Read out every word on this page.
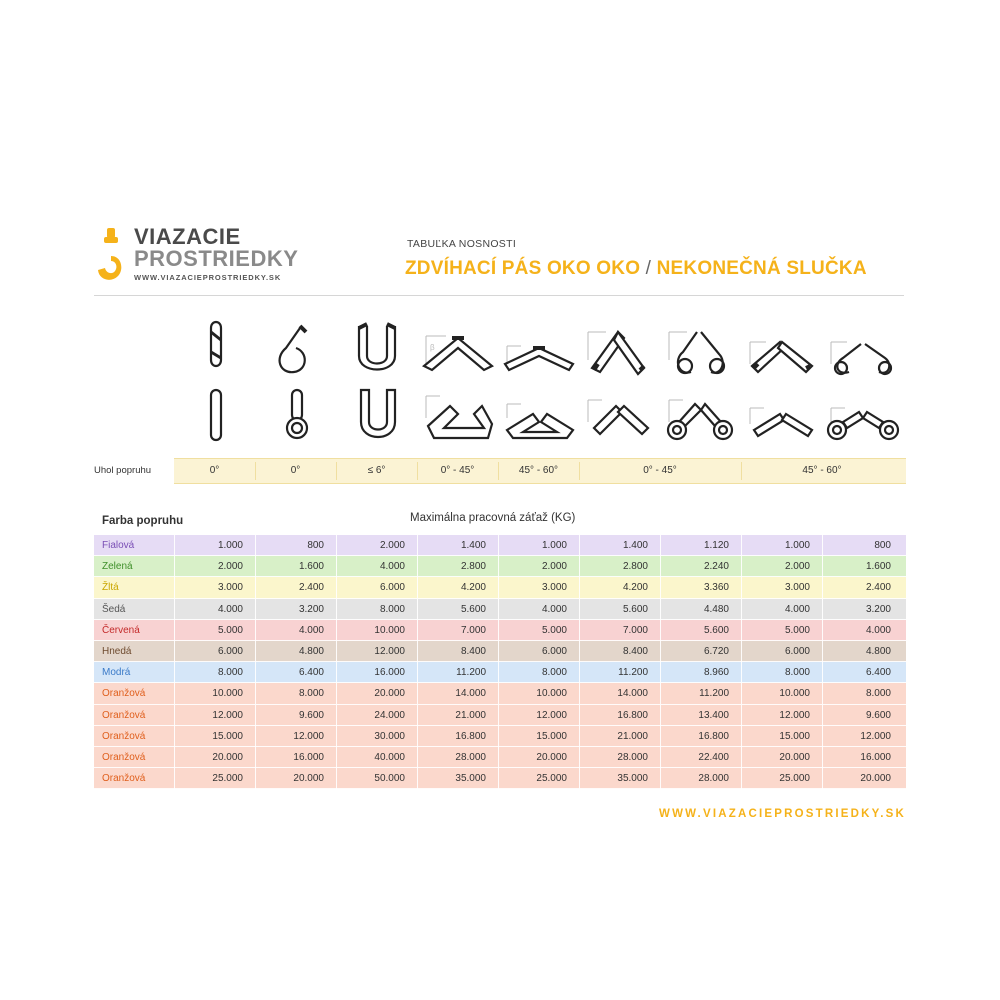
VIAZACIE
PROSTRIEDKY
WWW.VIAZACIEPROSTRIEDKY.SK
TABUĽKA NOSNOSTI
ZDVÍHACÍ PÁS OKO OKO / NEKONEČNÁ SLUČKA
β
Uhol popruhu	0°	0°	≤ 6°	0° - 45°	45° - 60°	0° - 45°	45° - 60°
Farba popruhu	Maximálna pracovná záťaž (KG)
Fialová	1.000	800	2.000	1.400	1.000	1.400	1.120	1.000	800
Zelená	2.000	1.600	4.000	2.800	2.000	2.800	2.240	2.000	1.600
Žltá	3.000	2.400	6.000	4.200	3.000	4.200	3.360	3.000	2.400
Šedá	4.000	3.200	8.000	5.600	4.000	5.600	4.480	4.000	3.200
Červená	5.000	4.000	10.000	7.000	5.000	7.000	5.600	5.000	4.000
Hnedá	6.000	4.800	12.000	8.400	6.000	8.400	6.720	6.000	4.800
Modrá	8.000	6.400	16.000	11.200	8.000	11.200	8.960	8.000	6.400
Oranžová	10.000	8.000	20.000	14.000	10.000	14.000	11.200	10.000	8.000
Oranžová	12.000	9.600	24.000	21.000	12.000	16.800	13.400	12.000	9.600
Oranžová	15.000	12.000	30.000	16.800	15.000	21.000	16.800	15.000	12.000
Oranžová	20.000	16.000	40.000	28.000	20.000	28.000	22.400	20.000	16.000
Oranžová	25.000	20.000	50.000	35.000	25.000	35.000	28.000	25.000	20.000
WWW.VIAZACIEPROSTRIEDKY.SK
